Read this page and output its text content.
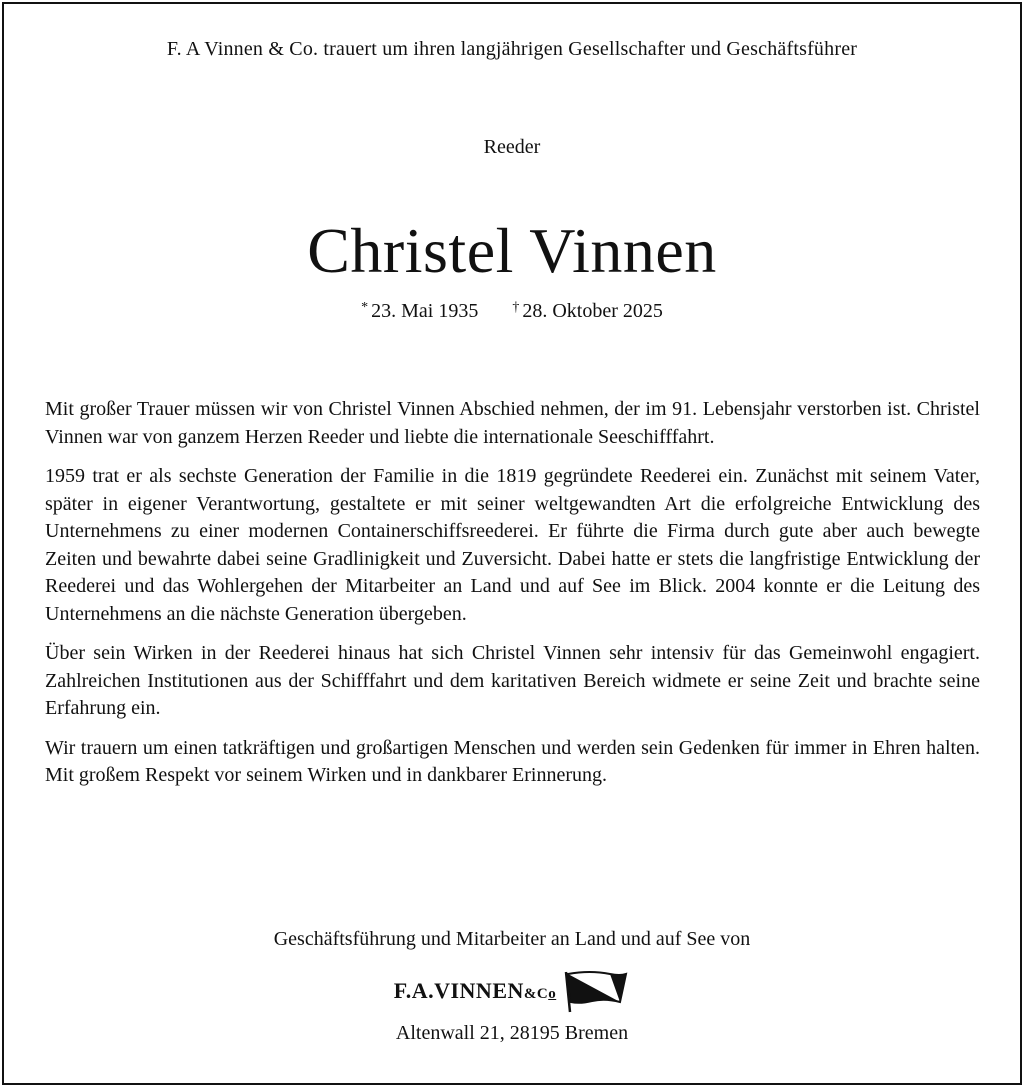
F. A Vinnen & Co. trauert um ihren langjährigen Gesellschafter und Geschäftsführer
Reeder
Christel Vinnen
* 23. Mai 1935 † 28. Oktober 2025

Mit großer Trauer müssen wir von Christel Vinnen Abschied nehmen, der im 91. Lebensjahr verstorben ist. Christel Vinnen war von ganzem Herzen Reeder und liebte die internationale Seeschifffahrt.

1959 trat er als sechste Generation der Familie in die 1819 gegründete Reederei ein. Zunächst mit seinem Vater, später in eigener Verantwortung, gestaltete er mit seiner weltgewandten Art die erfolgreiche Entwicklung des Unternehmens zu einer modernen Containerschiffsreederei. Er führte die Firma durch gute aber auch bewegte Zeiten und bewahrte dabei seine Gradlinigkeit und Zuversicht. Dabei hatte er stets die langfristige Entwicklung der Reederei und das Wohlergehen der Mitarbeiter an Land und auf See im Blick. 2004 konnte er die Leitung des Unternehmens an die nächste Generation übergeben.

Über sein Wirken in der Reederei hinaus hat sich Christel Vinnen sehr intensiv für das Gemeinwohl engagiert. Zahlreichen Institutionen aus der Schifffahrt und dem karitativen Bereich widmete er seine Zeit und brachte seine Erfahrung ein.

Wir trauern um einen tatkräftigen und großartigen Menschen und werden sein Gedenken für immer in Ehren halten. Mit großem Respekt vor seinem Wirken und in dankbarer Erinnerung.

Geschäftsführung und Mitarbeiter an Land und auf See von
F.A.VINNEN&Co
Altenwall 21, 28195 Bremen
